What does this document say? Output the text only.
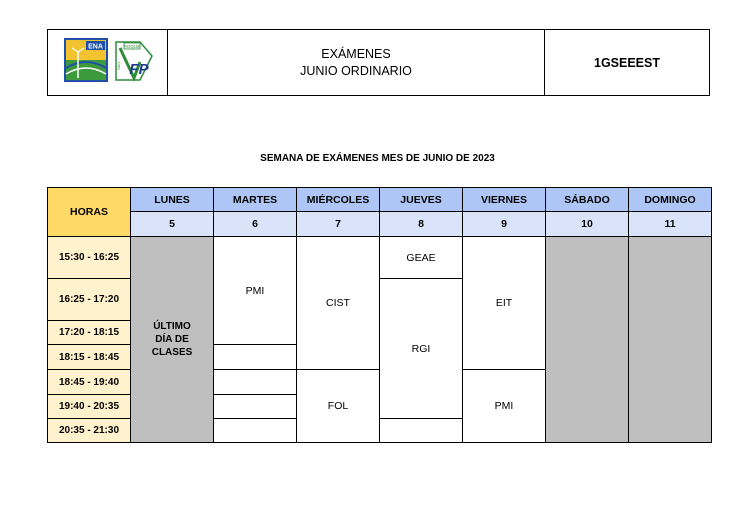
ENA	ROQUE
SAN FP
EXÁMENES
JUNIO ORDINARIO
1GSEEEST
SEMANA DE EXÁMENES MES DE JUNIO DE 2023
HORAS	LUNES	MARTES	MIÉRCOLES	JUEVES	VIERNES	SÁBADO	DOMINGO
	5	6	7	8	9	10	11
15:30 - 16:25	ÚLTIMO DÍA DE CLASES	PMI	CIST	GEAE	EIT		
16:25 - 17:20				RGI			
17:20 - 18:15							
18:15 - 18:45							
18:45 - 19:40			FOL		PMI		
19:40 - 20:35							
20:35 - 21:30							
